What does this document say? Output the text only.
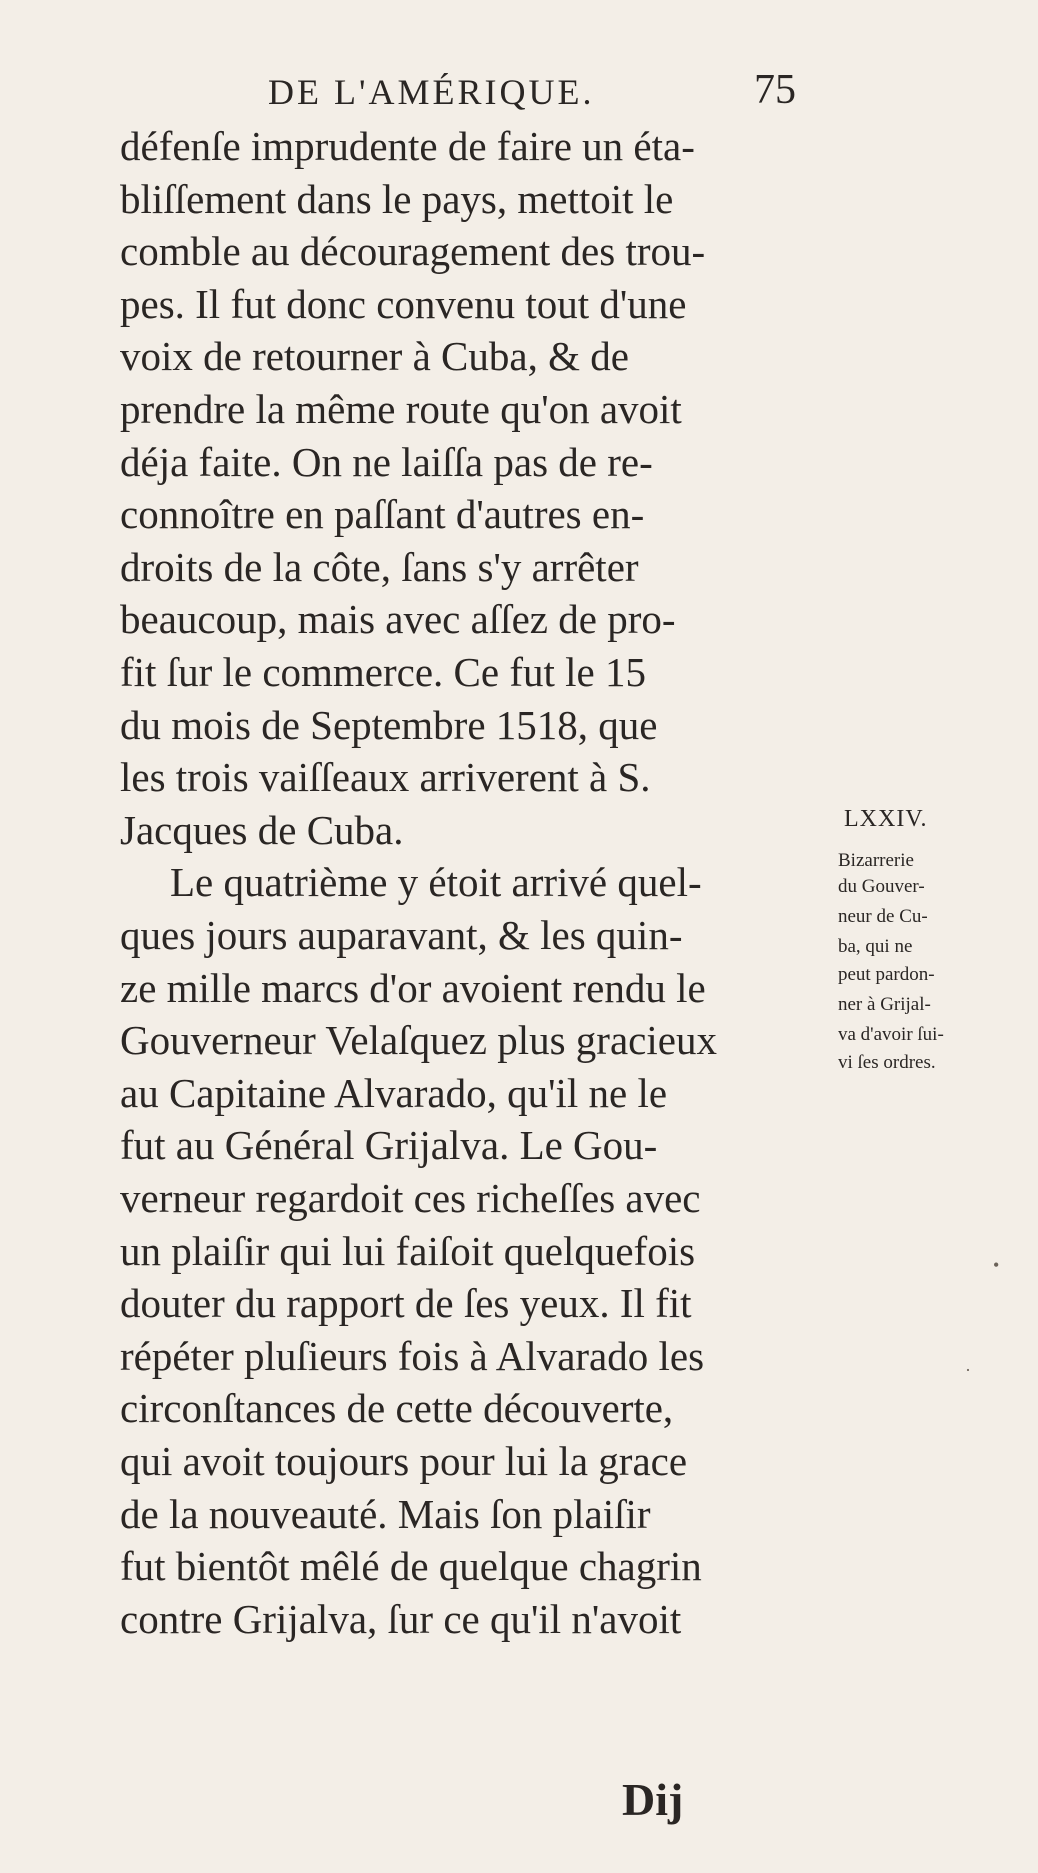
DE L'AMÉRIQUE.	75
défenſe imprudente de faire un éta-
bliſſement dans le pays, mettoit le
comble au découragement des trou-
pes. Il fut donc convenu tout d'une
voix de retourner à Cuba, & de
prendre la même route qu'on avoit
déja faite. On ne laiſſa pas de re-
connoître en paſſant d'autres en-
droits de la côte, ſans s'y arrêter
beaucoup, mais avec aſſez de pro-
fit ſur le commerce. Ce fut le 15
du mois de Septembre 1518, que
les trois vaiſſeaux arriverent à S.
Jacques de Cuba.
Le quatrième y étoit arrivé quel-
ques jours auparavant, & les quin-
ze mille marcs d'or avoient rendu le
Gouverneur Velaſquez plus gracieux
au Capitaine Alvarado, qu'il ne le
fut au Général Grijalva. Le Gou-
verneur regardoit ces richeſſes avec
un plaiſir qui lui faiſoit quelquefois
douter du rapport de ſes yeux. Il fit
répéter pluſieurs fois à Alvarado les
circonſtances de cette découverte,
qui avoit toujours pour lui la grace
de la nouveauté. Mais ſon plaiſir
fut bientôt mêlé de quelque chagrin
contre Grijalva, ſur ce qu'il n'avoit
LXXIV.
Bizarrerie
du Gouver-
neur de Cu-
ba, qui ne
peut pardon-
ner à Grijal-
va d'avoir ſui-
vi ſes ordres.
Dij
•
·
